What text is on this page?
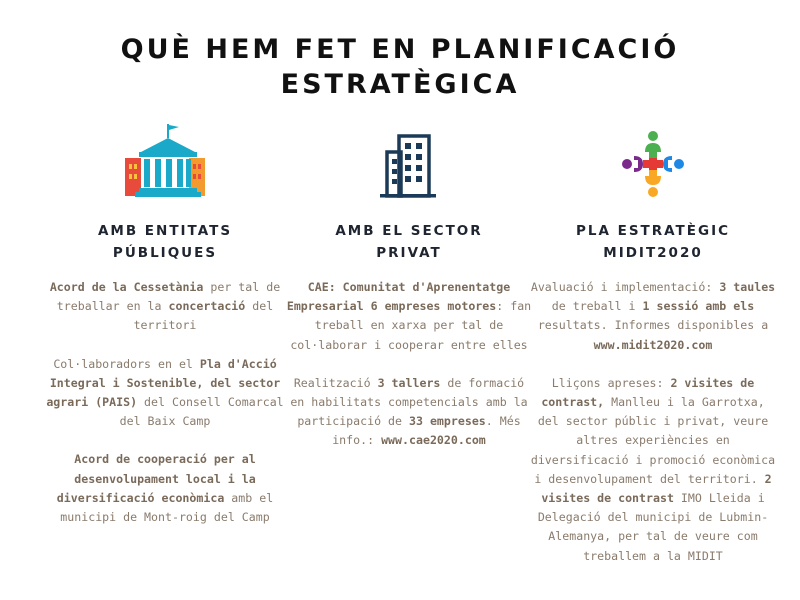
QUÈ HEM FET EN PLANIFICACIÓ
ESTRATÈGICA
AMB ENTITATS
PÚBLIQUES

Acord de la Cessetània per tal de treballar en la concertació del territori

Col·laboradors en el Pla d'Acció Integral i Sostenible, del sector agrari (PAIS) del Consell Comarcal del Baix Camp

Acord de cooperació per al desenvolupament local i la diversificació econòmica amb el municipi de Mont-roig del Camp

AMB EL SECTOR
PRIVAT

CAE: Comunitat d'Aprenentatge Empresarial 6 empreses motores: fan treball en xarxa per tal de col·laborar i cooperar entre elles

Realització 3 tallers de formació en habilitats competencials amb la participació de 33 empreses. Més info.: www.cae2020.com

PLA ESTRATÈGIC
MIDIT2020

Avaluació i implementació: 3 taules de treball i 1 sessió amb els resultats. Informes disponibles a www.midit2020.com

Lliçons apreses: 2 visites de contrast, Manlleu i la Garrotxa, del sector públic i privat, veure altres experiències en diversificació i promoció econòmica i desenvolupament del territori. 2 visites de contrast IMO Lleida i Delegació del municipi de Lubmin-Alemanya, per tal de veure com treballem a la MIDIT
